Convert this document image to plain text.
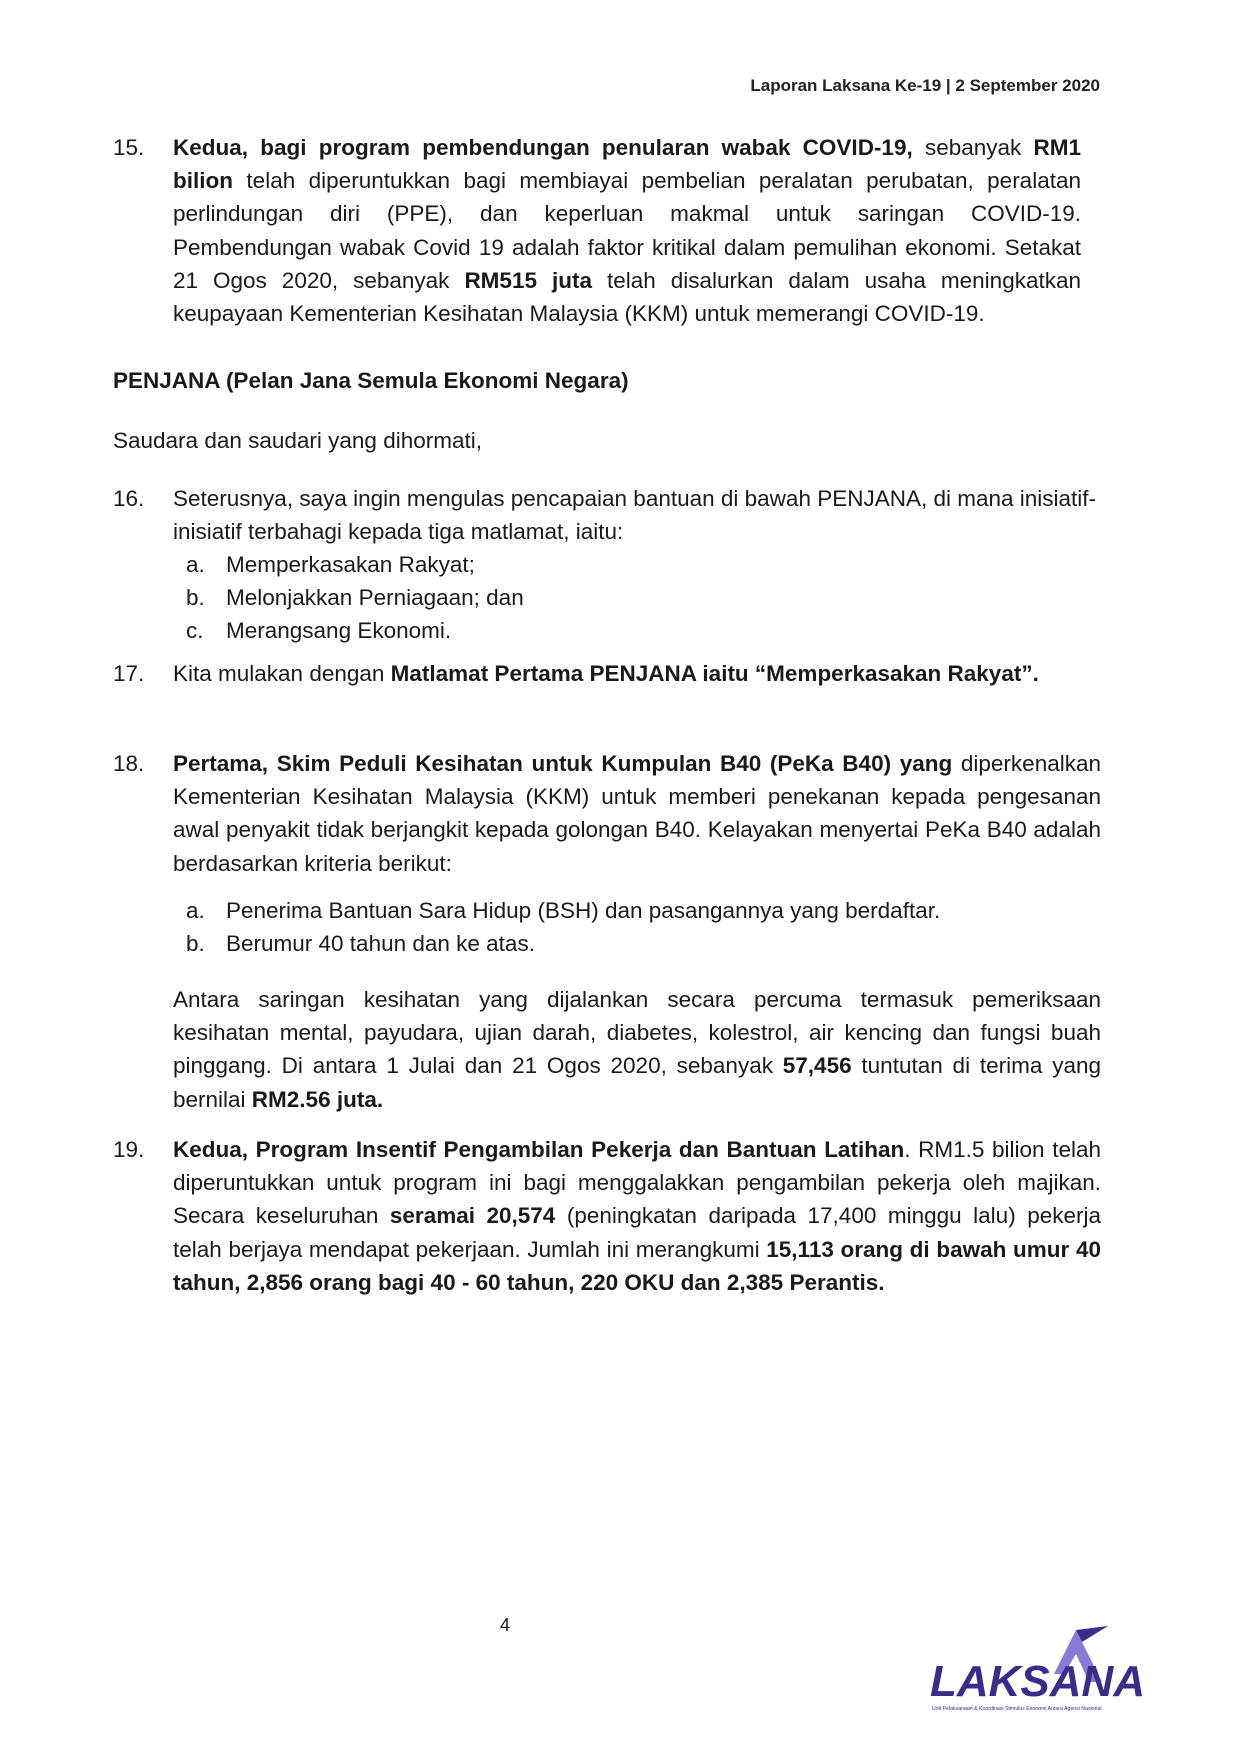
Laporan Laksana Ke-19 | 2 September 2020
15.	Kedua, bagi program pembendungan penularan wabak COVID-19, sebanyak RM1 bilion telah diperuntukkan bagi membiayai pembelian peralatan perubatan, peralatan perlindungan diri (PPE), dan keperluan makmal untuk saringan COVID-19. Pembendungan wabak Covid 19 adalah faktor kritikal dalam pemulihan ekonomi. Setakat 21 Ogos 2020, sebanyak RM515 juta telah disalurkan dalam usaha meningkatkan keupayaan Kementerian Kesihatan Malaysia (KKM) untuk memerangi COVID-19.
PENJANA (Pelan Jana Semula Ekonomi Negara)
Saudara dan saudari yang dihormati,
16.	Seterusnya, saya ingin mengulas pencapaian bantuan di bawah PENJANA, di mana inisiatif-inisiatif terbahagi kepada tiga matlamat, iaitu:
a. Memperkasakan Rakyat;
b. Melonjakkan Perniagaan; dan
c. Merangsang Ekonomi.
17.	Kita mulakan dengan Matlamat Pertama PENJANA iaitu “Memperkasakan Rakyat”.
18.	Pertama, Skim Peduli Kesihatan untuk Kumpulan B40 (PeKa B40) yang diperkenalkan Kementerian Kesihatan Malaysia (KKM) untuk memberi penekanan kepada pengesanan awal penyakit tidak berjangkit kepada golongan B40. Kelayakan menyertai PeKa B40 adalah berdasarkan kriteria berikut:
a. Penerima Bantuan Sara Hidup (BSH) dan pasangannya yang berdaftar.
b. Berumur 40 tahun dan ke atas.
Antara saringan kesihatan yang dijalankan secara percuma termasuk pemeriksaan kesihatan mental, payudara, ujian darah, diabetes, kolestrol, air kencing dan fungsi buah pinggang. Di antara 1 Julai dan 21 Ogos 2020, sebanyak 57,456 tuntutan di terima yang bernilai RM2.56 juta.
19.	Kedua, Program Insentif Pengambilan Pekerja dan Bantuan Latihan. RM1.5 bilion telah diperuntukkan untuk program ini bagi menggalakkan pengambilan pekerja oleh majikan. Secara keseluruhan seramai 20,574 (peningkatan daripada 17,400 minggu lalu) pekerja telah berjaya mendapat pekerjaan. Jumlah ini merangkumi 15,113 orang di bawah umur 40 tahun, 2,856 orang bagi 40 - 60 tahun, 220 OKU dan 2,385 Perantis.
4
LAKSANA
Unit Pelaksanaan & Koordinasi Stimulus Ekonomi Antara Agensi Nasional
